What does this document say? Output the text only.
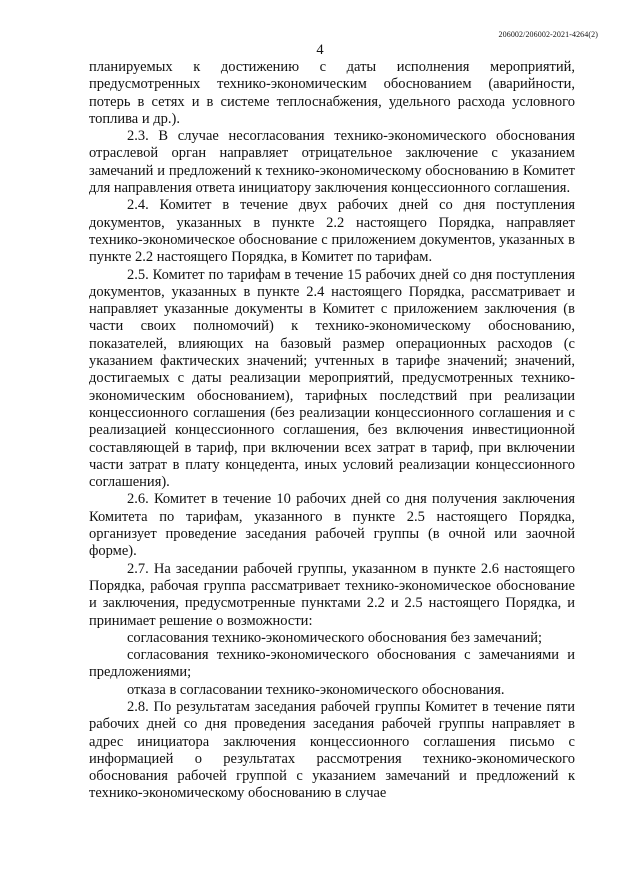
206002/206002-2021-4264(2)
4

планируемых к достижению с даты исполнения мероприятий, предусмотренных технико-экономическим обоснованием (аварийности, потерь в сетях и в системе теплоснабжения, удельного расхода условного топлива и др.).

2.3. В случае несогласования технико-экономического обоснования отраслевой орган направляет отрицательное заключение с указанием замечаний и предложений к технико-экономическому обоснованию в Комитет для направления ответа инициатору заключения концессионного соглашения.

2.4. Комитет в течение двух рабочих дней со дня поступления документов, указанных в пункте 2.2 настоящего Порядка, направляет технико-экономическое обоснование с приложением документов, указанных в пункте 2.2 настоящего Порядка, в Комитет по тарифам.

2.5. Комитет по тарифам в течение 15 рабочих дней со дня поступления документов, указанных в пункте 2.4 настоящего Порядка, рассматривает и направляет указанные документы в Комитет с приложением заключения (в части своих полномочий) к технико-экономическому обоснованию, показателей, влияющих на базовый размер операционных расходов (с указанием фактических значений; учтенных в тарифе значений; значений, достигаемых с даты реализации мероприятий, предусмотренных технико-экономическим обоснованием), тарифных последствий при реализации концессионного соглашения (без реализации концессионного соглашения и с реализацией концессионного соглашения, без включения инвестиционной составляющей в тариф, при включении всех затрат в тариф, при включении части затрат в плату концедента, иных условий реализации концессионного соглашения).

2.6. Комитет в течение 10 рабочих дней со дня получения заключения Комитета по тарифам, указанного в пункте 2.5 настоящего Порядка, организует проведение заседания рабочей группы (в очной или заочной форме).

2.7. На заседании рабочей группы, указанном в пункте 2.6 настоящего Порядка, рабочая группа рассматривает технико-экономическое обоснование и заключения, предусмотренные пунктами 2.2 и 2.5 настоящего Порядка, и принимает решение о возможности:

согласования технико-экономического обоснования без замечаний;

согласования технико-экономического обоснования с замечаниями и предложениями;

отказа в согласовании технико-экономического обоснования.

2.8. По результатам заседания рабочей группы Комитет в течение пяти рабочих дней со дня проведения заседания рабочей группы направляет в адрес инициатора заключения концессионного соглашения письмо с информацией о результатах рассмотрения технико-экономического обоснования рабочей группой с указанием замечаний и предложений к технико-экономическому обоснованию в случае
